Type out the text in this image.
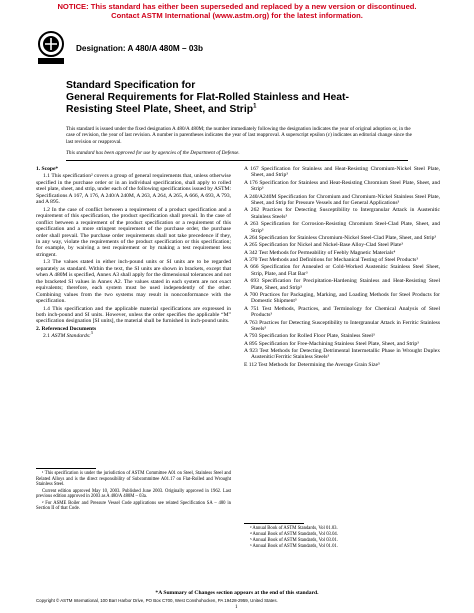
NOTICE: This standard has either been superseded and replaced by a new version or discontinued.
Contact ASTM International (www.astm.org) for the latest information.
Designation: A 480/A 480M – 03b
Standard Specification for
General Requirements for Flat-Rolled Stainless and Heat-
Resisting Steel Plate, Sheet, and Strip$^1$
This standard is issued under the fixed designation A 480/A 480M; the number immediately following the designation indicates the year of original adoption or, in the case of revision, the year of last revision. A number in parentheses indicates the year of last reapproval. A superscript epsilon (ε) indicates an editorial change since the last revision or reapproval.
This standard has been approved for use by agencies of the Department of Defense.

1. Scope*

1.1 This specification² covers a group of general requirements that, unless otherwise specified in the purchase order or in an individual specification, shall apply to rolled steel plate, sheet, and strip, under each of the following specifications issued by ASTM: Specifications A 167, A 176, A 240/A 240M, A 263, A 264, A 265, A 666, A 693, A 793, and A 895.

1.2 In the case of conflict between a requirement of a product specification and a requirement of this specification, the product specification shall prevail. In the case of conflict between a requirement of the product specification or a requirement of this specification and a more stringent requirement of the purchase order, the purchase order shall prevail. The purchase order requirements shall not take precedence if they, in any way, violate the requirements of the product specification or this specification; for example, by waiving a test requirement or by making a test requirement less stringent.

1.3 The values stated in either inch-pound units or SI units are to be regarded separately as standard. Within the text, the SI units are shown in brackets, except that when A 480M is specified, Annex A3 shall apply for the dimensional tolerances and not the bracketed SI values in Annex A2. The values stated in each system are not exact equivalents; therefore, each system must be used independently of the other. Combining values from the two systems may result in nonconformance with the specification.

1.4 This specification and the applicable material specifications are expressed in both inch-pound and SI units. However, unless the order specifies the applicable “M” specification designation [SI units], the material shall be furnished in inch-pound units.

2. Referenced Documents

2.1 ASTM Standards:$^3$

A 167 Specification for Stainless and Heat-Resisting Chromium-Nickel Steel Plate, Sheet, and Strip³
A 176 Specification for Stainless and Heat-Resisting Chromium Steel Plate, Sheet, and Strip³
A 240/A240M Specification for Chromium and Chromium-Nickel Stainless Steel Plate, Sheet, and Strip for Pressure Vessels and for General Applications³
A 262 Practices for Detecting Susceptibility to Intergranular Attack in Austenitic Stainless Steels³
A 263 Specification for Corrosion-Resisting Chromium Steel-Clad Plate, Sheet, and Strip³
A 264 Specification for Stainless Chromium-Nickel Steel-Clad Plate, Sheet, and Strip³
A 265 Specification for Nickel and Nickel-Base Alloy-Clad Steel Plate³
A 342 Test Methods for Permeability of Feebly Magnetic Materials⁴
A 370 Test Methods and Definitions for Mechanical Testing of Steel Products³
A 666 Specification for Annealed or Cold-Worked Austenitic Stainless Steel Sheet, Strip, Plate, and Flat Bar³
A 693 Specification for Precipitation-Hardening Stainless and Heat-Resisting Steel Plate, Sheet, and Strip³
A 700 Practices for Packaging, Marking, and Loading Methods for Steel Products for Domestic Shipment³
A 751 Test Methods, Practices, and Terminology for Chemical Analysis of Steel Products³
A 763 Practices for Detecting Susceptibility to Intergranular Attack in Ferritic Stainless Steels³
A 793 Specification for Rolled Floor Plate, Stainless Steel³
A 895 Specification for Free-Machining Stainless Steel Plate, Sheet, and Strip³
A 923 Test Methods for Detecting Detrimental Intermetallic Phase in Wrought Duplex Austenitic/Ferritic Stainless Steels³
E 112 Test Methods for Determining the Average Grain Size⁵

¹ This specification is under the jurisdiction of ASTM Committee A01 on Steel, Stainless Steel and Related Alloys and is the direct responsibility of Subcommittee A01.17 on Flat-Rolled and Wrought Stainless Steel.

Current edition approved May 10, 2003. Published June 2003. Originally approved in 1962. Last previous edition approved in 2003 as A 480/A 480M – 03a.

² For ASME Boiler and Pressure Vessel Code applications see related Specification SA – 480 in Section II of that Code.

³ Annual Book of ASTM Standards, Vol 01.03.

⁴ Annual Book of ASTM Standards, Vol 03.04.

⁵ Annual Book of ASTM Standards, Vol 03.01.

⁶ Annual Book of ASTM Standards, Vol 01.01.

*A Summary of Changes section appears at the end of this standard.
Copyright © ASTM International, 100 Barr Harbor Drive, PO Box C700, West Conshohocken, PA 19428-2959, United States.
1
